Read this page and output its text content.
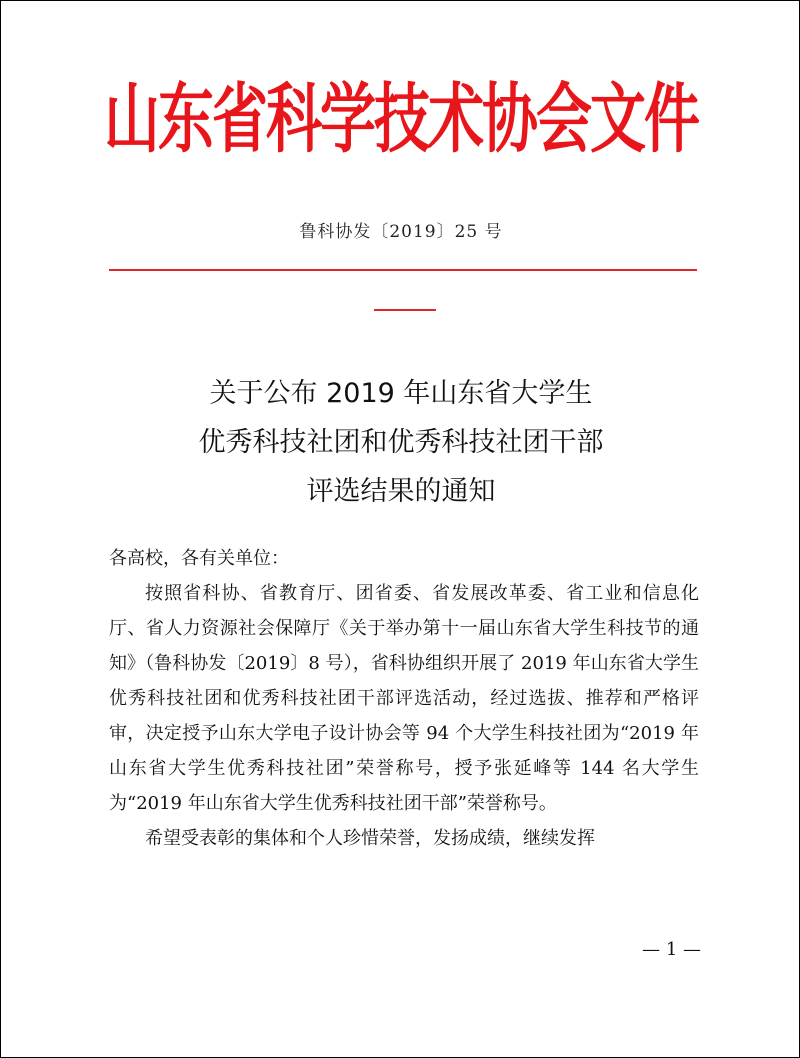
山东省科学技术协会文件
鲁科协发〔2019〕25 号
关于公布 2019 年山东省大学生
优秀科技社团和优秀科技社团干部
评选结果的通知

各高校，各有关单位：

按照省科协、省教育厅、团省委、省发展改革委、省工业和信息化厅、省人力资源社会保障厅《关于举办第十一届山东省大学生科技节的通知》（鲁科协发〔2019〕8 号），省科协组织开展了 2019 年山东省大学生优秀科技社团和优秀科技社团干部评选活动，经过选拔、推荐和严格评审，决定授予山东大学电子设计协会等 94 个大学生科技社团为“2019 年山东省大学生优秀科技社团”荣誉称号，授予张延峰等 144 名大学生为“2019 年山东省大学生优秀科技社团干部”荣誉称号。

希望受表彰的集体和个人珍惜荣誉，发扬成绩，继续发挥

— 1 —
